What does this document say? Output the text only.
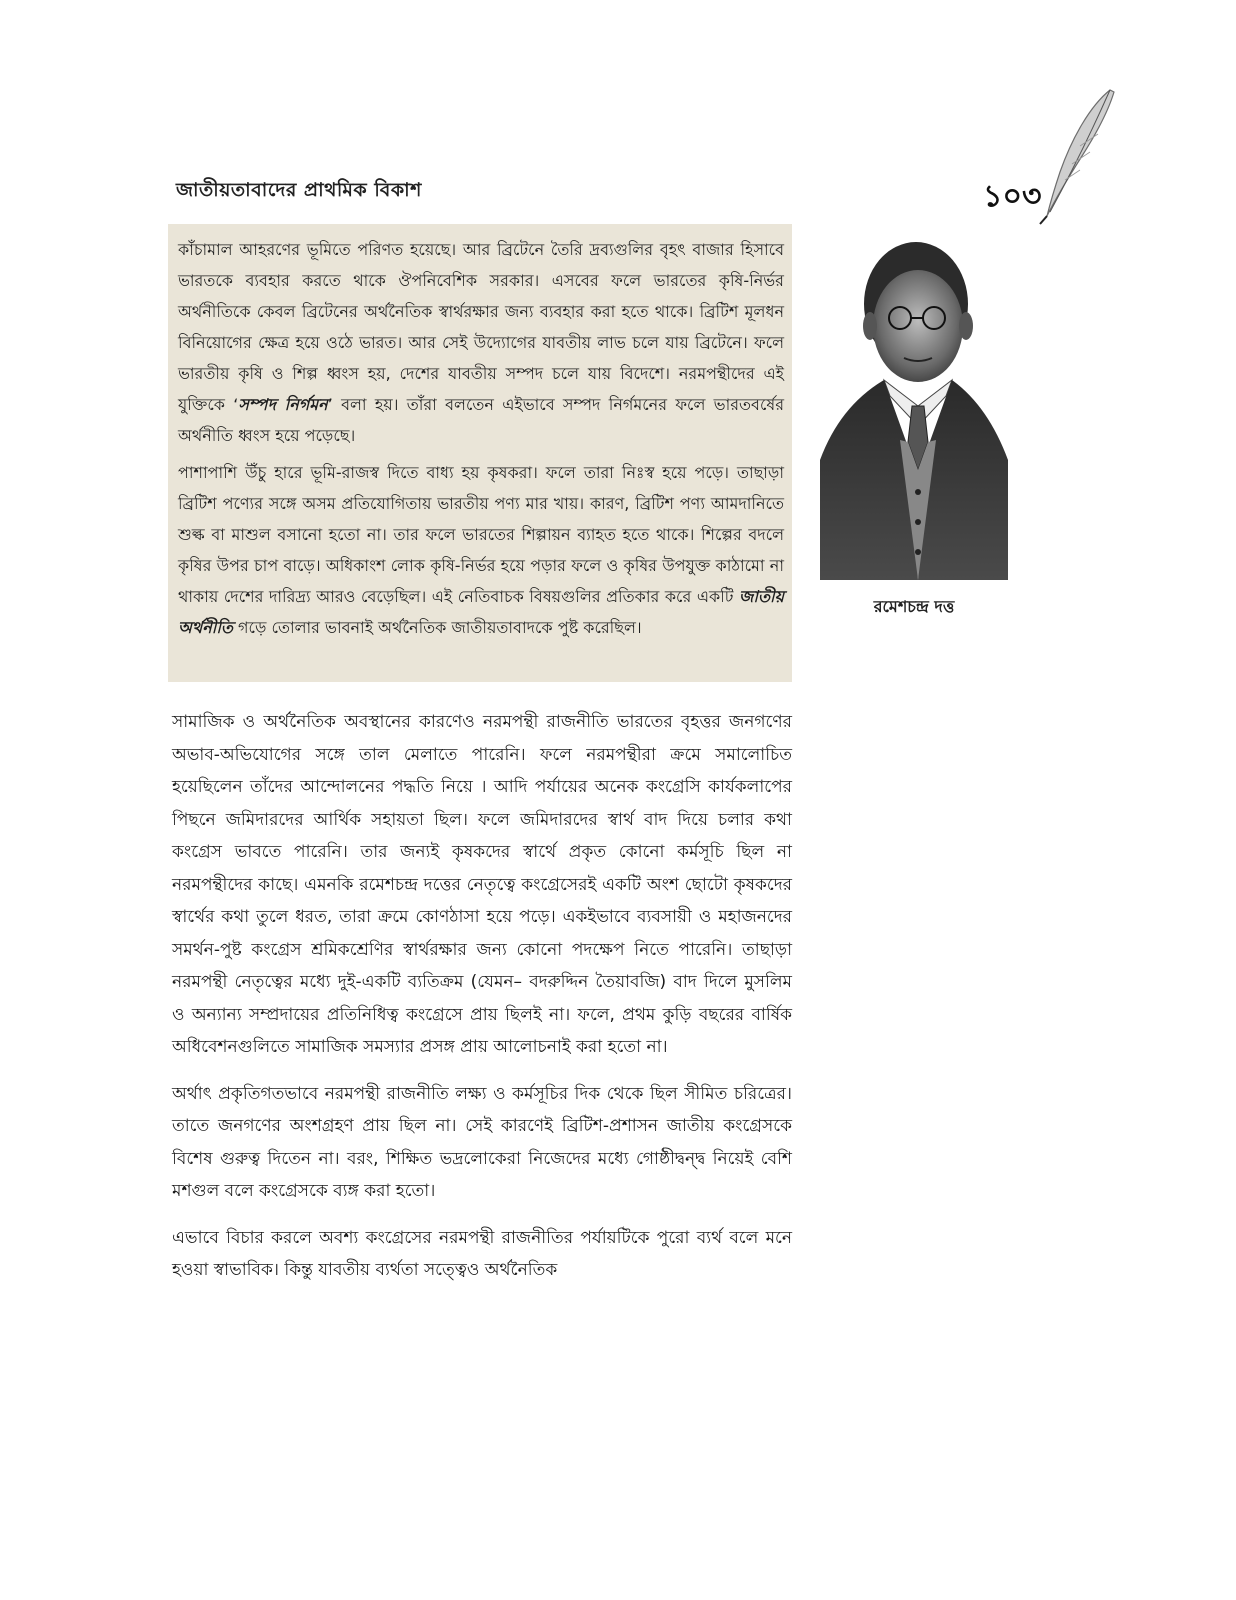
জাতীয়তাবাদের প্রাথমিক বিকাশ	১০৩

কাঁচামাল আহরণের ভূমিতে পরিণত হয়েছে। আর ব্রিটেনে তৈরি দ্রব্যগুলির বৃহৎ বাজার হিসাবে ভারতকে ব্যবহার করতে থাকে ঔপনিবেশিক সরকার। এসবের ফলে ভারতের কৃষি-নির্ভর অর্থনীতিকে কেবল ব্রিটেনের অর্থনৈতিক স্বার্থরক্ষার জন্য ব্যবহার করা হতে থাকে। ব্রিটিশ মূলধন বিনিয়োগের ক্ষেত্র হয়ে ওঠে ভারত। আর সেই উদ্যোগের যাবতীয় লাভ চলে যায় ব্রিটেনে। ফলে ভারতীয় কৃষি ও শিল্প ধ্বংস হয়, দেশের যাবতীয় সম্পদ চলে যায় বিদেশে। নরমপন্থীদের এই যুক্তিকে ‘সম্পদ নির্গমন’ বলা হয়। তাঁরা বলতেন এইভাবে সম্পদ নির্গমনের ফলে ভারতবর্ষের অর্থনীতি ধ্বংস হয়ে পড়েছে।

পাশাপাশি উঁচু হারে ভূমি-রাজস্ব দিতে বাধ্য হয় কৃষকরা। ফলে তারা নিঃস্ব হয়ে পড়ে। তাছাড়া ব্রিটিশ পণ্যের সঙ্গে অসম প্রতিযোগিতায় ভারতীয় পণ্য মার খায়। কারণ, ব্রিটিশ পণ্য আমদানিতে শুল্ক বা মাশুল বসানো হতো না। তার ফলে ভারতের শিল্পায়ন ব্যাহত হতে থাকে। শিল্পের বদলে কৃষির উপর চাপ বাড়ে। অধিকাংশ লোক কৃষি-নির্ভর হয়ে পড়ার ফলে ও কৃষির উপযুক্ত কাঠামো না থাকায় দেশের দারিদ্র্য আরও বেড়েছিল। এই নেতিবাচক বিষয়গুলির প্রতিকার করে একটি জাতীয় অর্থনীতি গড়ে তোলার ভাবনাই অর্থনৈতিক জাতীয়তাবাদকে পুষ্ট করেছিল।

রমেশচন্দ্র দত্ত

সামাজিক ও অর্থনৈতিক অবস্থানের কারণেও নরমপন্থী রাজনীতি ভারতের বৃহত্তর জনগণের অভাব-অভিযোগের সঙ্গে তাল মেলাতে পারেনি। ফলে নরমপন্থীরা ক্রমে সমালোচিত হয়েছিলেন তাঁদের আন্দোলনের পদ্ধতি নিয়ে । আদি পর্যায়ের অনেক কংগ্রেসি কার্যকলাপের পিছনে জমিদারদের আর্থিক সহায়তা ছিল। ফলে জমিদারদের স্বার্থ বাদ দিয়ে চলার কথা কংগ্রেস ভাবতে পারেনি। তার জন্যই কৃষকদের স্বার্থে প্রকৃত কোনো কর্মসূচি ছিল না নরমপন্থীদের কাছে। এমনকি রমেশচন্দ্র দত্তের নেতৃত্বে কংগ্রেসেরই একটি অংশ ছোটো কৃষকদের স্বার্থের কথা তুলে ধরত, তারা ক্রমে কোণঠাসা হয়ে পড়ে। একইভাবে ব্যবসায়ী ও মহাজনদের সমর্থন-পুষ্ট কংগ্রেস শ্রমিকশ্রেণির স্বার্থরক্ষার জন্য কোনো পদক্ষেপ নিতে পারেনি। তাছাড়া নরমপন্থী নেতৃত্বের মধ্যে দুই-একটি ব্যতিক্রম (যেমন– বদরুদ্দিন তৈয়াবজি) বাদ দিলে মুসলিম ও অন্যান্য সম্প্রদায়ের প্রতিনিধিত্ব কংগ্রেসে প্রায় ছিলই না। ফলে, প্রথম কুড়ি বছরের বার্ষিক অধিবেশনগুলিতে সামাজিক সমস্যার প্রসঙ্গ প্রায় আলোচনাই করা হতো না।

অর্থাৎ প্রকৃতিগতভাবে নরমপন্থী রাজনীতি লক্ষ্য ও কর্মসূচির দিক থেকে ছিল সীমিত চরিত্রের। তাতে জনগণের অংশগ্রহণ প্রায় ছিল না। সেই কারণেই ব্রিটিশ-প্রশাসন জাতীয় কংগ্রেসকে বিশেষ গুরুত্ব দিতেন না। বরং, শিক্ষিত ভদ্রলোকেরা নিজেদের মধ্যে গোষ্ঠীদ্বন্দ্ব নিয়েই বেশি মশগুল বলে কংগ্রেসকে ব্যঙ্গ করা হতো।

এভাবে বিচার করলে অবশ্য কংগ্রেসের নরমপন্থী রাজনীতির পর্যায়টিকে পুরো ব্যর্থ বলে মনে হওয়া স্বাভাবিক। কিন্তু যাবতীয় ব্যর্থতা সত্ত্বেও অর্থনৈতিক
